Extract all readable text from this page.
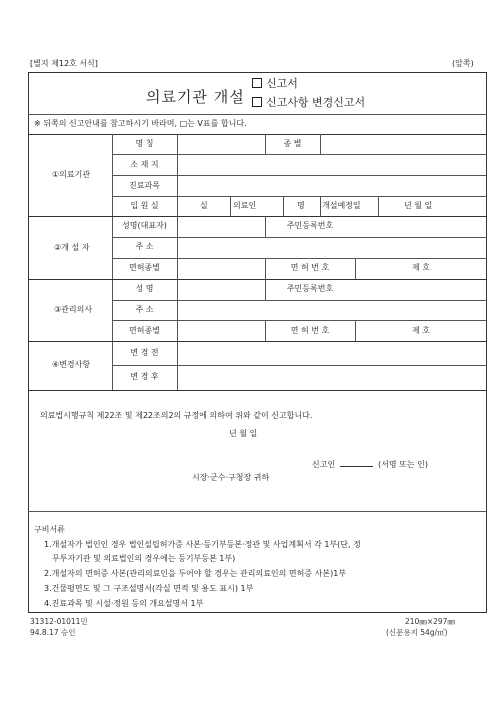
[별지 제12호 서식]	(앞쪽)
의료기관 개설
신고서
신고사항 변경신고서
※ 뒤쪽의 신고안내를 참고하시기 바라며, □는 V표를 합니다.
①의료기관
명 칭	종 별
소 재 지
진료과목
입 원 실	실	의료인	명 개설예정일	년 월 일
②개 설 자
성명(대표자)	주민등록번호
주 소
면허종별	면 허 번 호	제 호
③관리의사
성 명	주민등록번호
주 소
면허종별	면 허 번 호	제 호
④변경사항
변 경 전
변 경 후
의료법시행규칙 제22조 및 제22조의2의 규정에 의하여 위와 같이 신고합니다.
년 월 일
신고인	(서명 또는 인)
시장·군수·구청장 귀하
구비서류
1.개설자가 법인인 경우 법인설립허가증 사본·등기부등본·정관 및 사업계획서 각 1부(단, 정
무투자기관 및 의료법인의 경우에는 등기부등본 1부)
2.개설자의 면허증 사본(관리의료인을 두어야 할 경우는 관리의료인의 면허증 사본)1부
3.건물평면도 및 그 구조설명서(각실 면적 및 용도 표시) 1부
4.진료과목 및 시설·정원 등의 개요설명서 1부
31312-01011민
94.8.17 승인
210㎜×297㎜
(신문용지 54g/㎡)
